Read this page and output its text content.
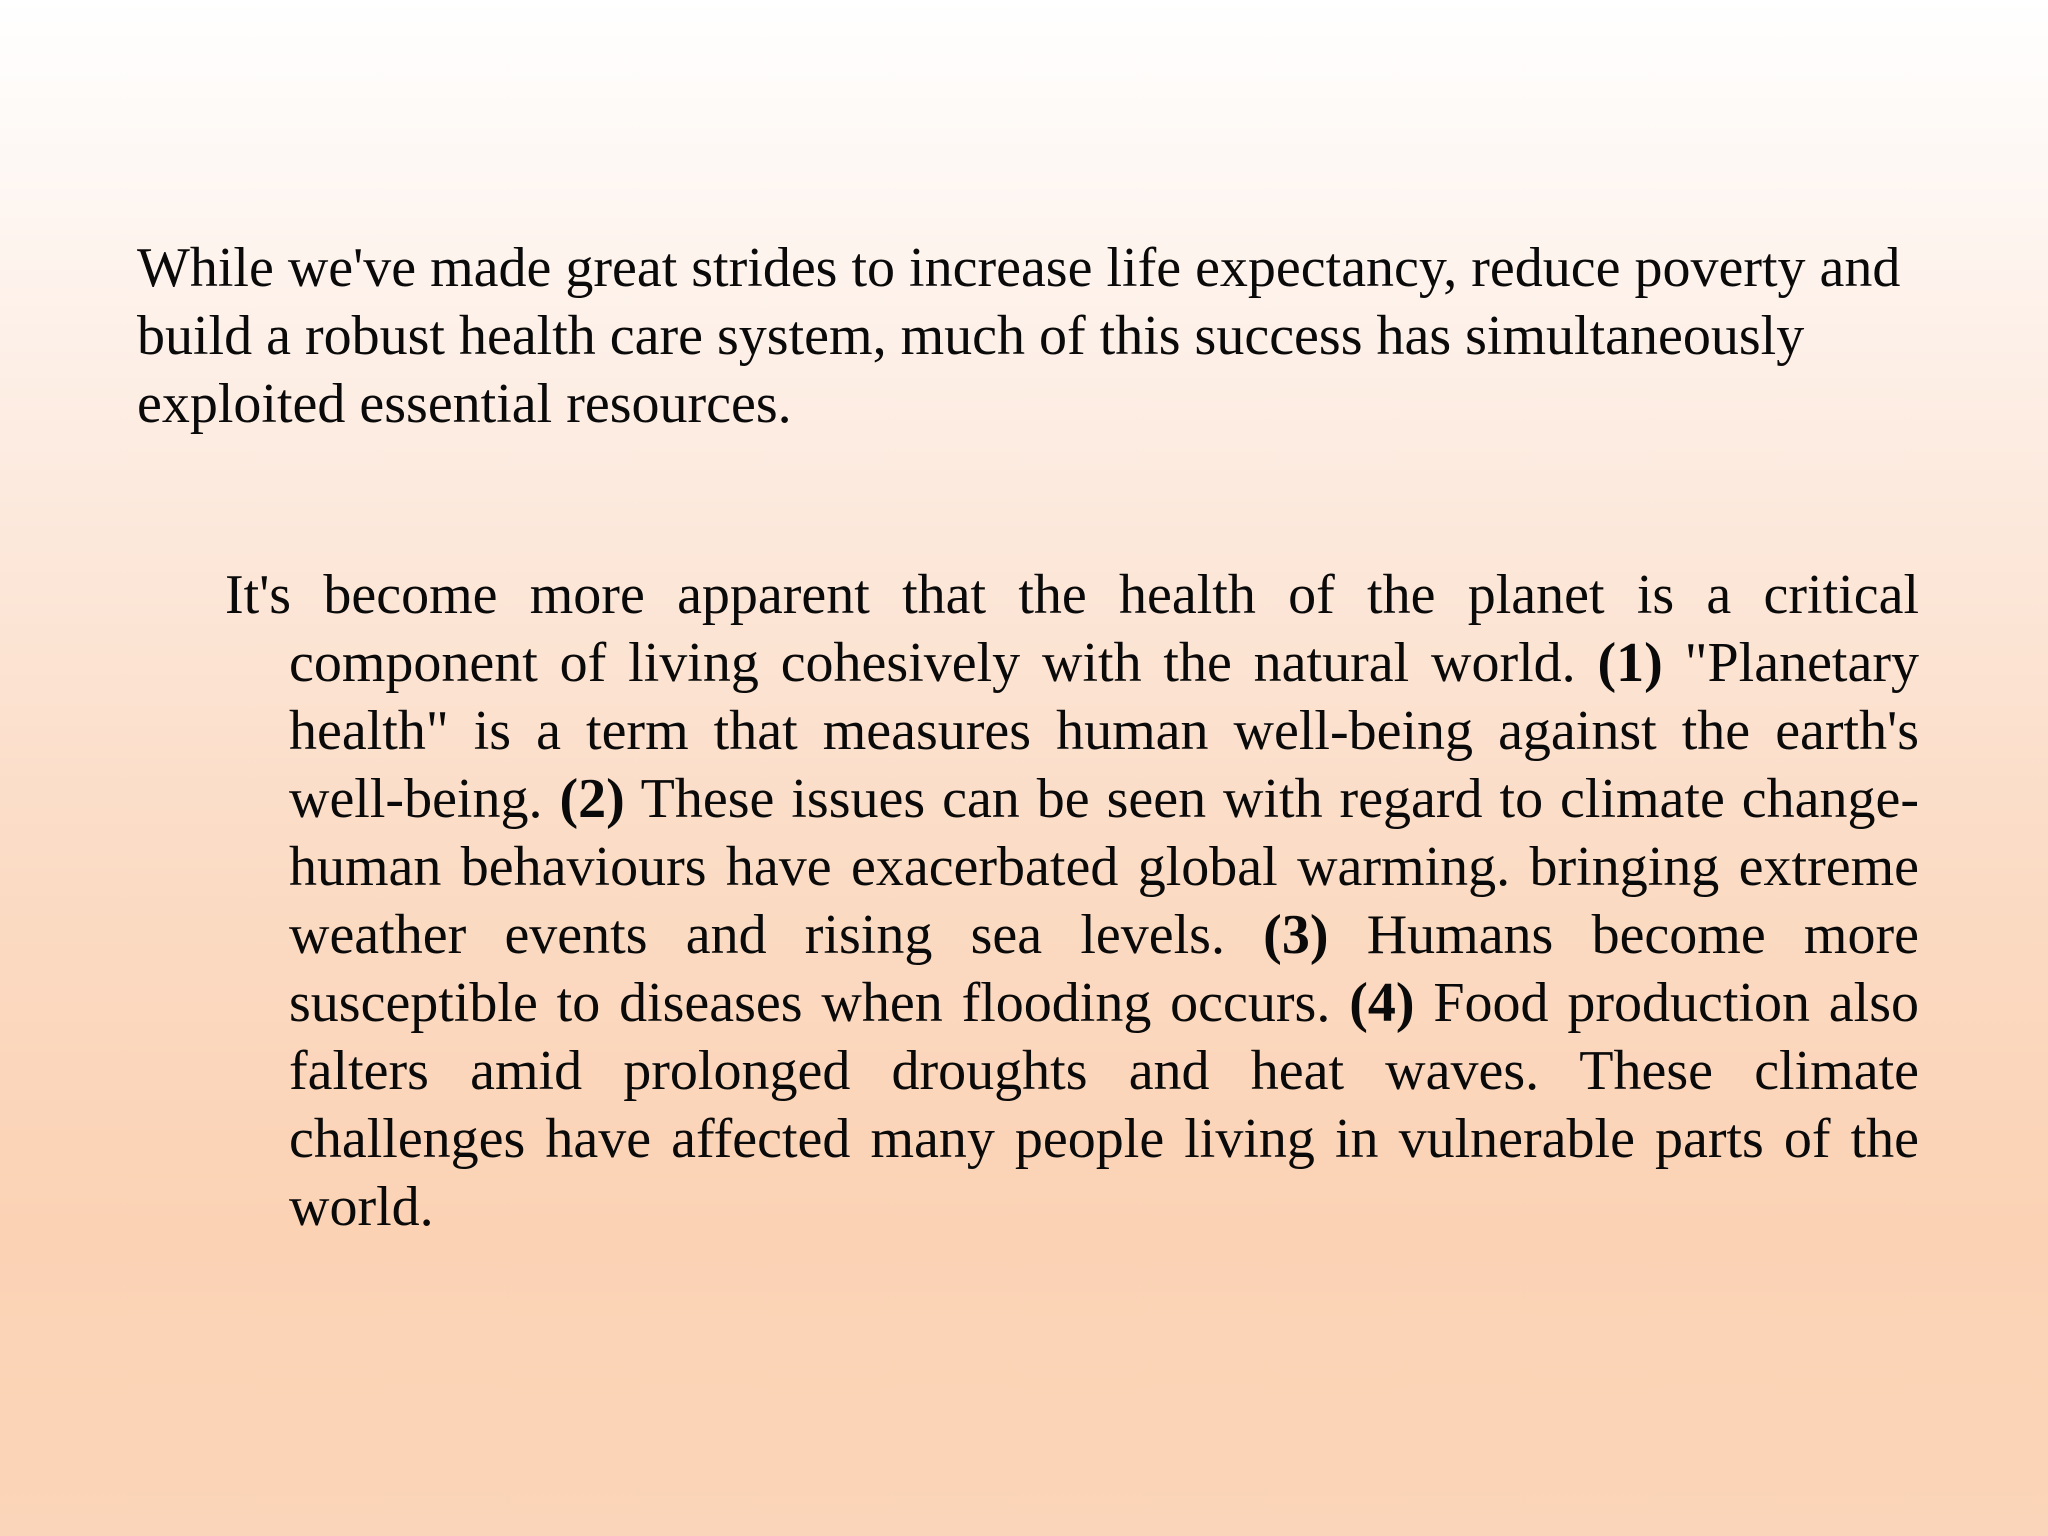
While we've made great strides to increase life expectancy, reduce poverty and build a robust health care system, much of this success has simultaneously exploited essential resources.

It's become more apparent that the health of the planet is a critical component of living cohesively with the natural world. (1) "Planetary health" is a term that measures human well-being against the earth's well-being. (2) These issues can be seen with regard to climate change-human behaviours have exacerbated global warming. bringing extreme weather events and rising sea levels. (3) Humans become more susceptible to diseases when flooding occurs. (4) Food production also falters amid prolonged droughts and heat waves. These climate challenges have affected many people living in vulnerable parts of the world.
